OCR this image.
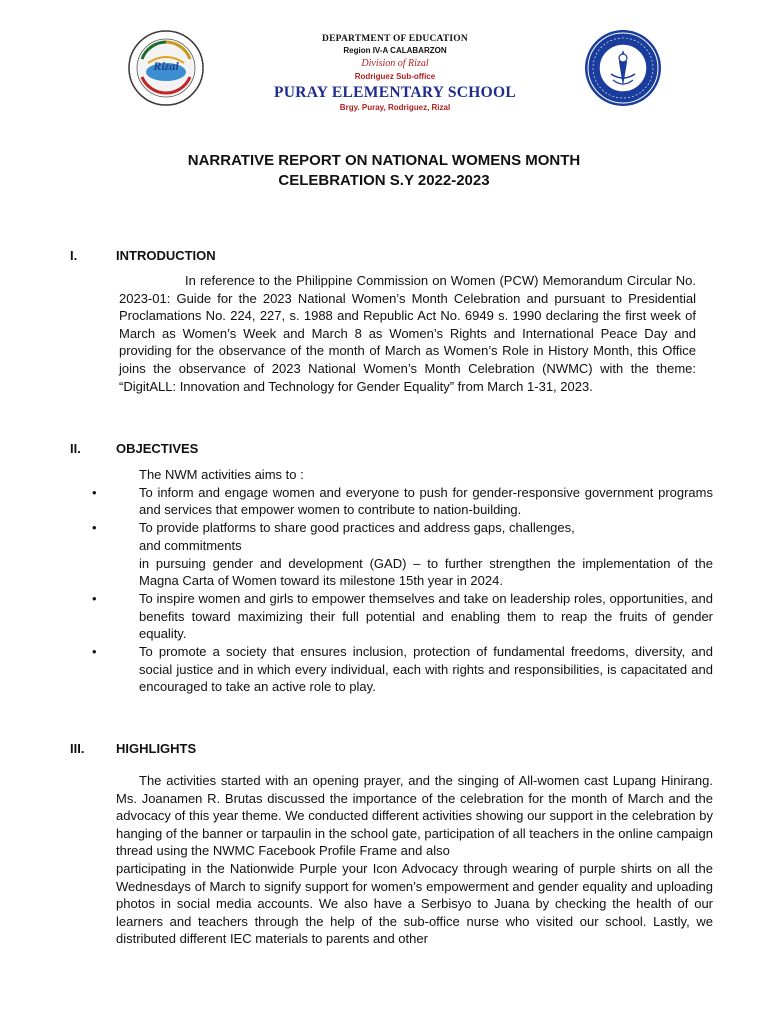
Rizal
DEPARTMENT OF EDUCATION
Region IV-A CALABARZON
Division of Rizal
Rodriguez Sub-office
PURAY ELEMENTARY SCHOOL
Brgy. Puray, Rodriguez, Rizal
NARRATIVE REPORT ON NATIONAL WOMENS MONTH
CELEBRATION S.Y 2022-2023
I.	INTRODUCTION
In reference to the Philippine Commission on Women (PCW) Memorandum Circular No. 2023-01: Guide for the 2023 National Women’s Month Celebration and pursuant to Presidential Proclamations No. 224, 227, s. 1988 and Republic Act No. 6949 s. 1990 declaring the first week of March as Women’s Week and March 8 as Women’s Rights and International Peace Day and providing for the observance of the month of March as Women’s Role in History Month, this Office joins the observance of 2023 National Women’s Month Celebration (NWMC) with the theme: “DigitALL: Innovation and Technology for Gender Equality” from March 1-31, 2023.
II.	OBJECTIVES
The NWM activities aims to :
•	To inform and engage women and everyone to push for gender-responsive government programs and services that empower women to contribute to nation-building.
•	To provide platforms to share good practices and address gaps, challenges,
and commitments
in pursuing gender and development (GAD) – to further strengthen the implementation of the Magna Carta of Women toward its milestone 15th year in 2024.
•	To inspire women and girls to empower themselves and take on leadership roles, opportunities, and benefits toward maximizing their full potential and enabling them to reap the fruits of gender equality.
•	To promote a society that ensures inclusion, protection of fundamental freedoms, diversity, and social justice and in which every individual, each with rights and responsibilities, is capacitated and encouraged to take an active role to play.
III. HIGHLIGHTS
The activities started with an opening prayer, and the singing of All-women cast Lupang Hinirang. Ms. Joanamen R. Brutas discussed the importance of the celebration for the month of March and the advocacy of this year theme. We conducted different activities showing our support in the celebration by hanging of the banner or tarpaulin in the school gate, participation of all teachers in the online campaign thread using the NWMC Facebook Profile Frame and also
participating in the Nationwide Purple your Icon Advocacy through wearing of purple shirts on all the Wednesdays of March to signify support for women’s empowerment and gender equality and uploading photos in social media accounts. We also have a Serbisyo to Juana by checking the health of our learners and teachers through the help of the sub-office nurse who visited our school. Lastly, we distributed different IEC materials to parents and other
